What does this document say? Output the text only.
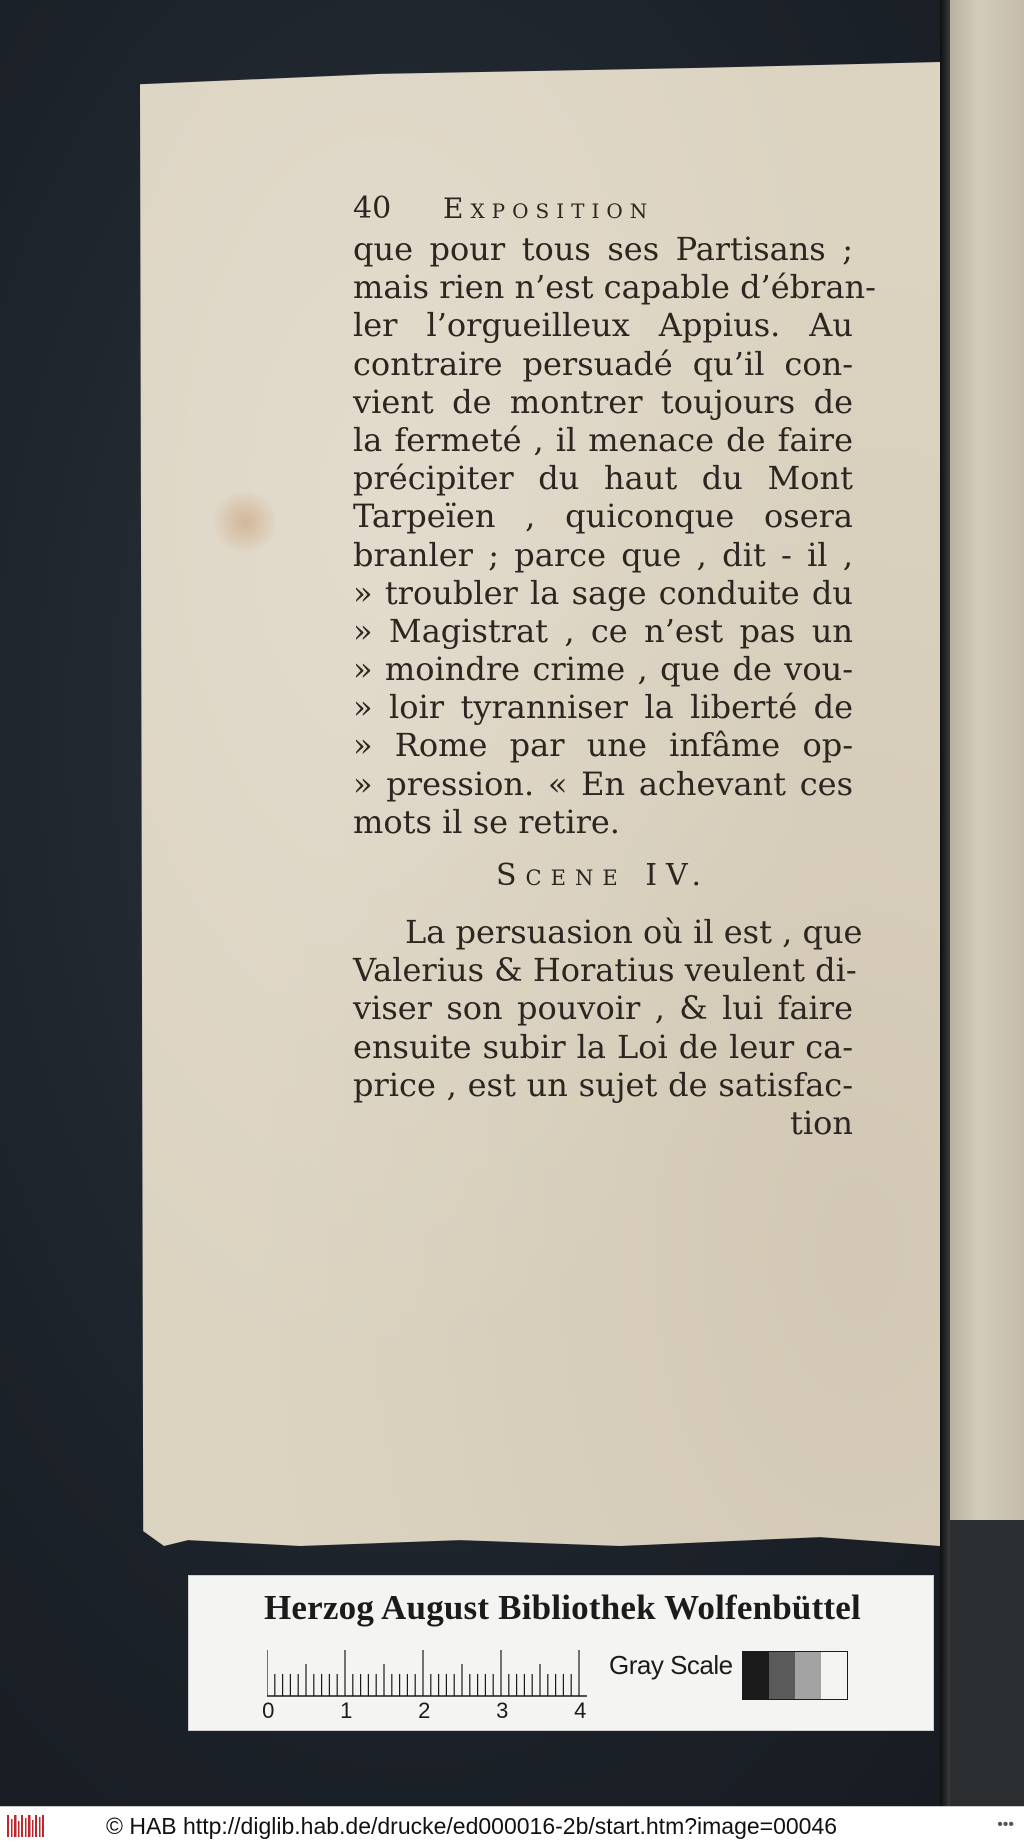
40	Exposition
que pour tous ses Partisans ;
mais rien n’est capable d’ébran-
ler l’orgueilleux Appius. Au
contraire persuadé qu’il con-
vient de montrer toujours de
la fermeté , il menace de faire
précipiter du haut du Mont
Tarpeïen , quiconque osera
branler ; parce que , dit - il ,
» troubler la sage conduite du
» Magistrat , ce n’est pas un
» moindre crime , que de vou-
» loir tyranniser la liberté de
» Rome par une infâme op-
» pression. « En achevant ces
mots il se retire.
Scene IV.
La persuasion où il est , que
Valerius & Horatius veulent di-
viser son pouvoir , & lui faire
ensuite subir la Loi de leur ca-
price , est un sujet de satisfac-
tion
Herzog August Bibliothek Wolfenbüttel
0	1	2	3	4
Gray Scale
© HAB http://diglib.hab.de/drucke/ed000016-2b/start.htm?image=00046	•••
